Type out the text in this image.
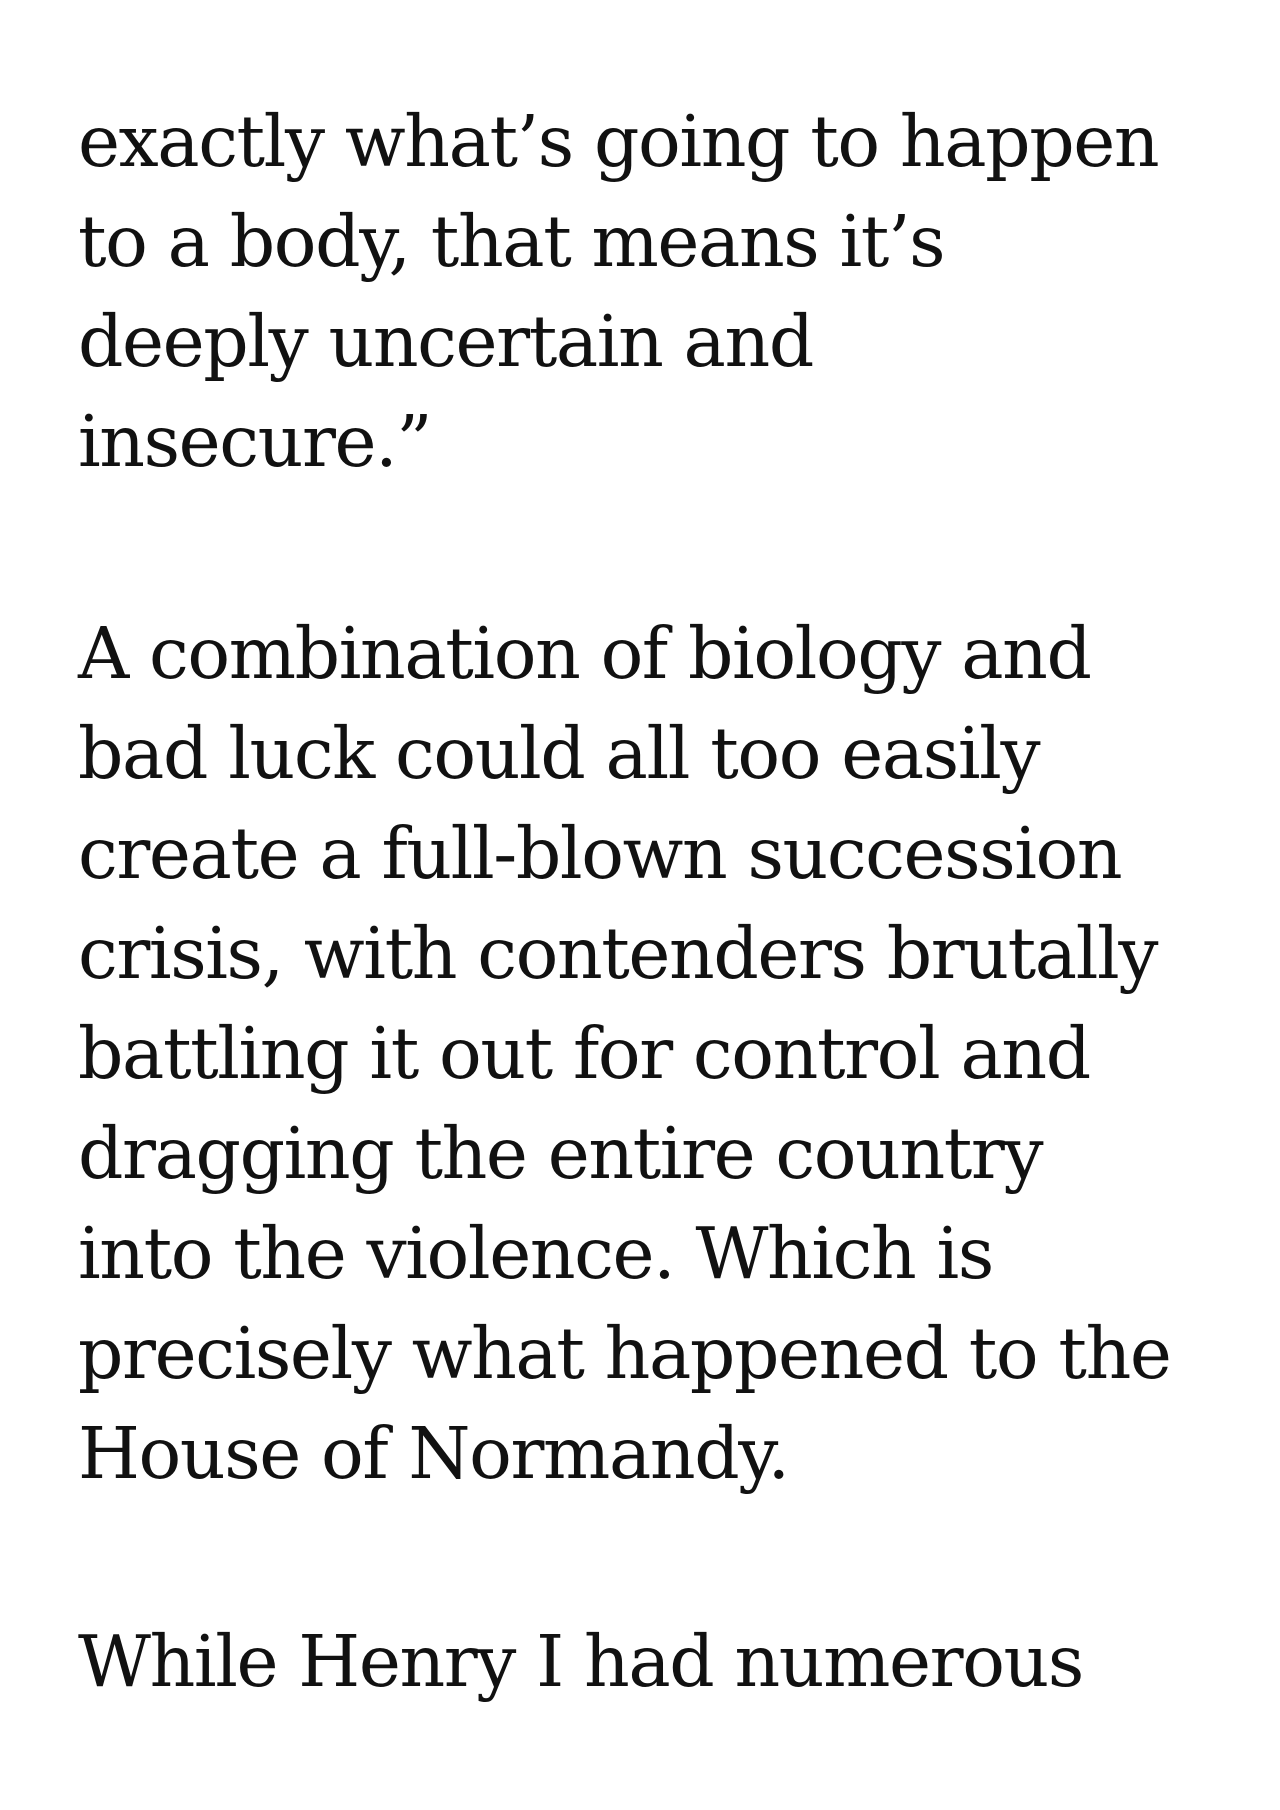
exactly what’s going to happen
to a body, that means it’s
deeply uncertain and
insecure.”
A combination of biology and
bad luck could all too easily
create a full-blown succession
crisis, with contenders brutally
battling it out for control and
dragging the entire country
into the violence. Which is
precisely what happened to the
House of Normandy.
While Henry I had numerous
